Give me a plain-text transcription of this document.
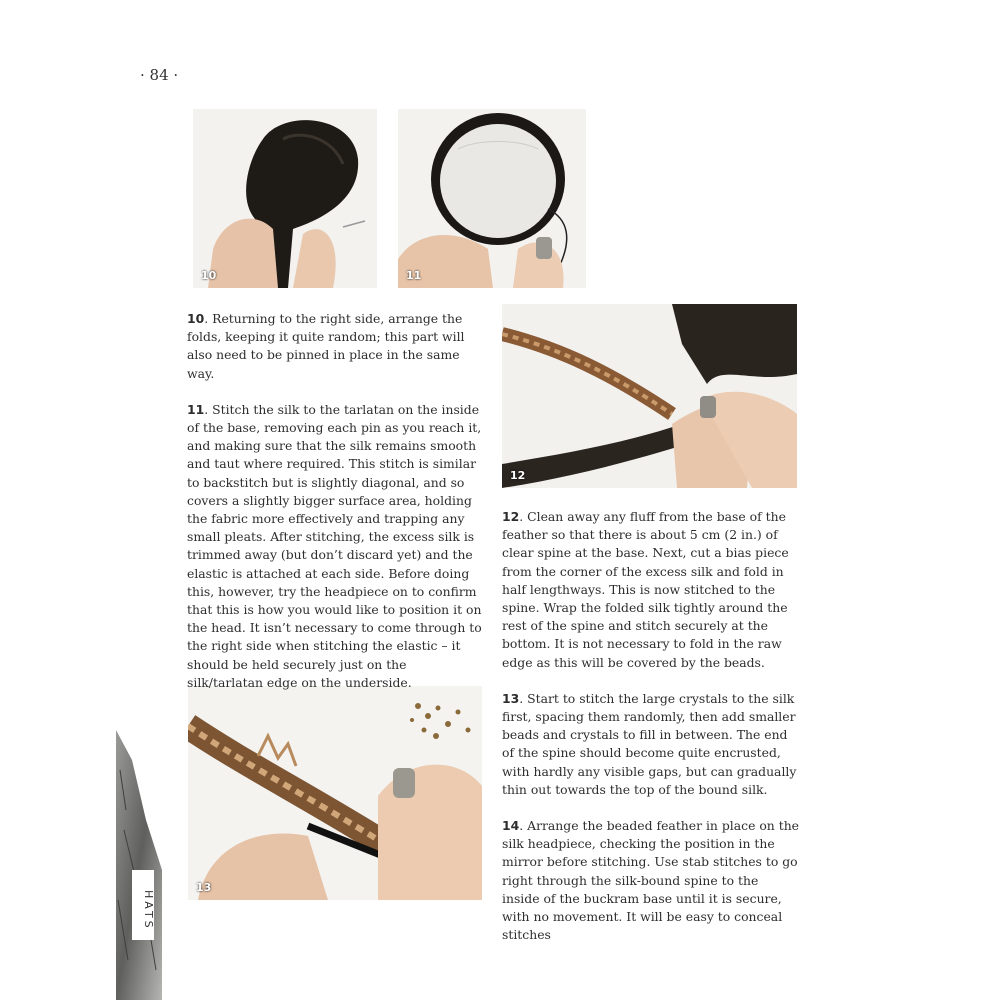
· 84 ·
10	11
12
13

10. Returning to the right side, arrange the folds, keeping it quite random; this part will also need to be pinned in place in the same way.

11. Stitch the silk to the tarlatan on the inside of the base, removing each pin as you reach it, and making sure that the silk remains smooth and taut where required. This stitch is similar to backstitch but is slightly diagonal, and so covers a slightly bigger surface area, holding the fabric more effectively and trapping any small pleats. After stitching, the excess silk is trimmed away (but don’t discard yet) and the elastic is attached at each side. Before doing this, however, try the headpiece on to confirm that this is how you would like to position it on the head. It isn’t necessary to come through to the right side when stitching the elastic – it should be held securely just on the silk/tarlatan edge on the underside.

12. Clean away any fluff from the base of the feather so that there is about 5 cm (2 in.) of clear spine at the base. Next, cut a bias piece from the corner of the excess silk and fold in half lengthways. This is now stitched to the spine. Wrap the folded silk tightly around the rest of the spine and stitch securely at the bottom. It is not necessary to fold in the raw edge as this will be covered by the beads.

13. Start to stitch the large crystals to the silk first, spacing them randomly, then add smaller beads and crystals to fill in between. The end of the spine should become quite encrusted, with hardly any visible gaps, but can gradually thin out towards the top of the bound silk.

14. Arrange the beaded feather in place on the silk headpiece, checking the position in the mirror before stitching. Use stab stitches to go right through the silk-bound spine to the inside of the buckram base until it is secure, with no movement. It will be easy to conceal stitches

HATS
